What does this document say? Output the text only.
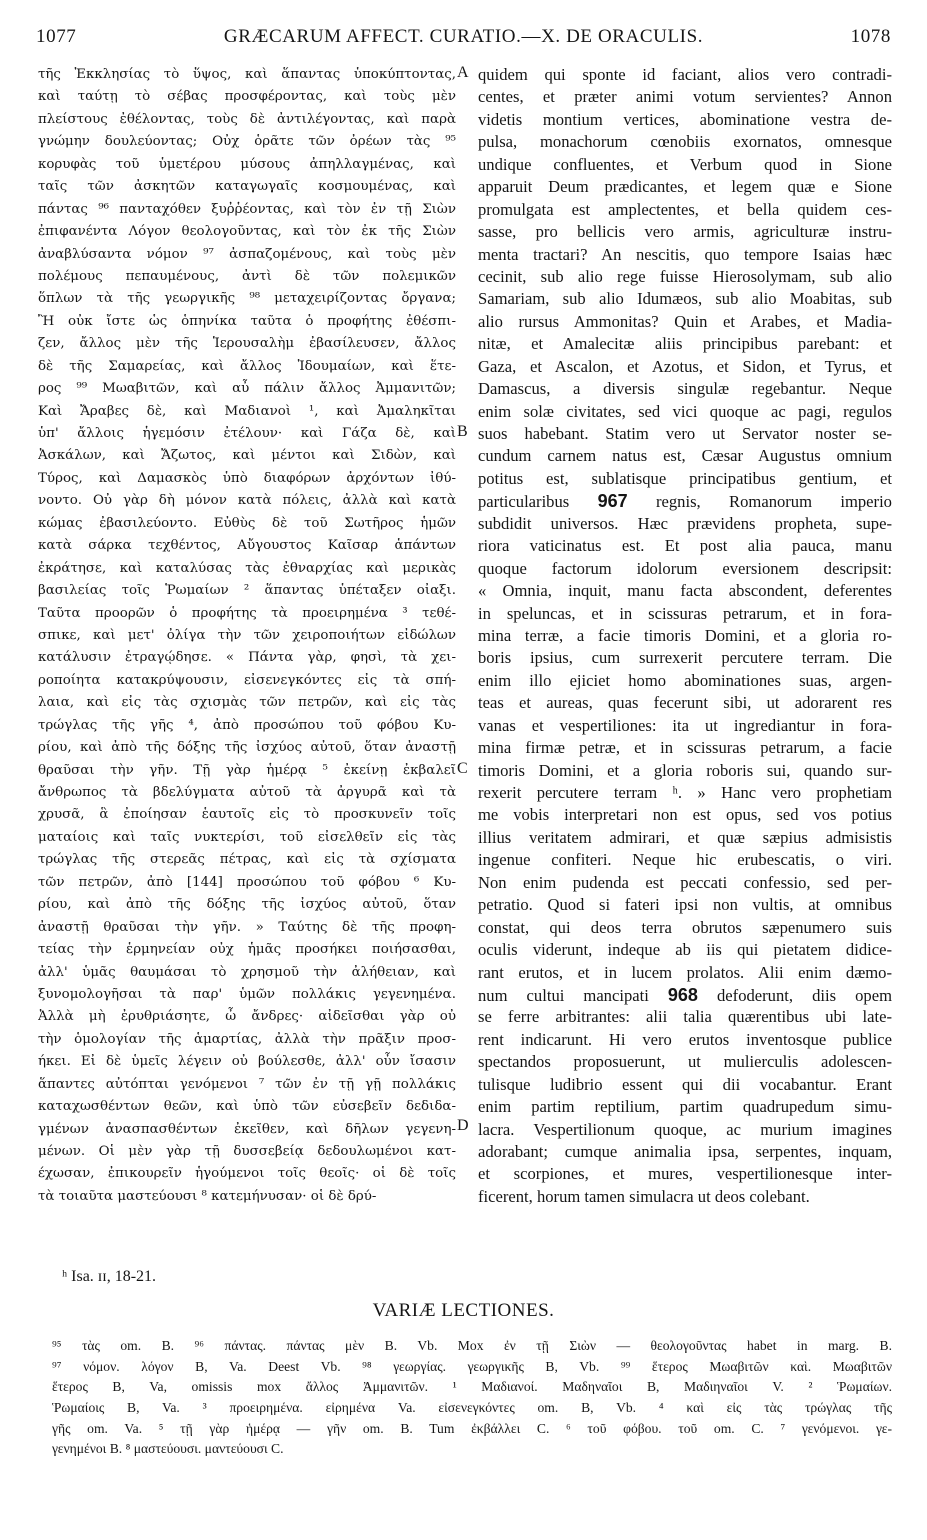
1077	GRÆCARUM AFFECT. CURATIO.—X. DE ORACULIS.	1078
τῆς Ἐκκλησίας τὸ ὕψος, καὶ ἅπαντας ὑποκύπτοντας,
καὶ ταύτῃ τὸ σέβας προσφέροντας, καὶ τοὺς μὲν
πλείστους ἐθέλοντας, τοὺς δὲ ἀντιλέγοντας, καὶ παρὰ
γνώμην δουλεύοντας; Οὐχ ὁρᾶτε τῶν ὀρέων τὰς ⁹⁵
κορυφὰς τοῦ ὑμετέρου μύσους ἀπηλλαγμένας, καὶ
ταῖς τῶν ἀσκητῶν καταγωγαῖς κοσμουμένας, καὶ
πάντας ⁹⁶ πανταχόθεν ξυῤῥέοντας, καὶ τὸν ἐν τῇ Σιὼν
ἐπιφανέντα Λόγον θεολογοῦντας, καὶ τὸν ἐκ τῆς Σιὼν
ἀναβλύσαντα νόμον ⁹⁷ ἀσπαζομένους, καὶ τοὺς μὲν
πολέμους πεπαυμένους, ἀντὶ δὲ τῶν πολεμικῶν
ὅπλων τὰ τῆς γεωργικῆς ⁹⁸ μεταχειρίζοντας ὄργανα;
Ἢ οὐκ ἴστε ὡς ὁπηνίκα ταῦτα ὁ προφήτης ἐθέσπι-
ζεν, ἄλλος μὲν τῆς Ἱερουσαλὴμ ἐβασίλευσεν, ἄλλος
δὲ τῆς Σαμαρείας, καὶ ἄλλος Ἰδουμαίων, καὶ ἕτε-
ρος ⁹⁹ Μωαβιτῶν, καὶ αὖ πάλιν ἄλλος Ἀμμανιτῶν;
Καὶ Ἄραβες δὲ, καὶ Μαδιανοὶ ¹, καὶ Ἀμαληκῖται
ὑπ' ἄλλοις ἡγεμόσιν ἐτέλουν· καὶ Γάζα δὲ, καὶ
Ἀσκάλων, καὶ Ἄζωτος, καὶ μέντοι καὶ Σιδὼν, καὶ
Τύρος, καὶ Δαμασκὸς ὑπὸ διαφόρων ἀρχόντων ἰθύ-
νοντο. Οὐ γὰρ δὴ μόνον κατὰ πόλεις, ἀλλὰ καὶ κατὰ
κώμας ἐβασιλεύοντο. Εὐθὺς δὲ τοῦ Σωτῆρος ἡμῶν
κατὰ σάρκα τεχθέντος, Αὔγουστος Καῖσαρ ἁπάντων
ἐκράτησε, καὶ καταλύσας τὰς ἐθναρχίας καὶ μερικὰς
βασιλείας τοῖς Ῥωμαίων ² ἅπαντας ὑπέταξεν οἰαξι.
Ταῦτα προορῶν ὁ προφήτης τὰ προειρημένα ³ τεθέ-
σπικε, καὶ μετ' ὀλίγα τὴν τῶν χειροποιήτων εἰδώλων
κατάλυσιν ἐτραγῴδησε. « Πάντα γὰρ, φησὶ, τὰ χει-
ροποίητα κατακρύψουσιν, εἰσενεγκόντες εἰς τὰ σπή-
λαια, καὶ εἰς τὰς σχισμὰς τῶν πετρῶν, καὶ εἰς τὰς
τρώγλας τῆς γῆς ⁴, ἀπὸ προσώπου τοῦ φόβου Κυ-
ρίου, καὶ ἀπὸ τῆς δόξης τῆς ἰσχύος αὐτοῦ, ὅταν ἀναστῇ
θραῦσαι τὴν γῆν. Τῇ γὰρ ἡμέρᾳ ⁵ ἐκείνῃ ἐκβαλεῖ
ἄνθρωπος τὰ βδελύγματα αὐτοῦ τὰ ἀργυρᾶ καὶ τὰ
χρυσᾶ, ἃ ἐποίησαν ἑαυτοῖς εἰς τὸ προσκυνεῖν τοῖς
ματαίοις καὶ ταῖς νυκτερίσι, τοῦ εἰσελθεῖν εἰς τὰς
τρώγλας τῆς στερεᾶς πέτρας, καὶ εἰς τὰ σχίσματα
τῶν πετρῶν, ἀπὸ [144] προσώπου τοῦ φόβου ⁶ Κυ-
ρίου, καὶ ἀπὸ τῆς δόξης τῆς ἰσχύος αὐτοῦ, ὅταν
ἀναστῇ θραῦσαι τὴν γῆν. » Ταύτης δὲ τῆς προφη-
τείας τὴν ἑρμηνείαν οὐχ ἡμᾶς προσήκει ποιήσασθαι,
ἀλλ' ὑμᾶς θαυμάσαι τὸ χρησμοῦ τὴν ἀλήθειαν, καὶ
ξυνομολογῆσαι τὰ παρ' ὑμῶν πολλάκις γεγενημένα.
Ἀλλὰ μὴ ἐρυθριάσητε, ὦ ἄνδρες· αἰδεῖσθαι γὰρ οὐ
τὴν ὁμολογίαν τῆς ἁμαρτίας, ἀλλὰ τὴν πρᾶξιν προσ-
ήκει. Εἰ δὲ ὑμεῖς λέγειν οὐ βούλεσθε, ἀλλ' οὖν ἴσασιν
ἅπαντες αὐτόπται γενόμενοι ⁷ τῶν ἐν τῇ γῇ πολλάκις
καταχωσθέντων θεῶν, καὶ ὑπὸ τῶν εὐσεβεῖν δεδιδα-
γμένων ἀνασπασθέντων ἐκεῖθεν, καὶ δῆλων γεγενη-
μένων. Οἱ μὲν γὰρ τῇ δυσσεβείᾳ δεδουλωμένοι κατ-
έχωσαν, ἐπικουρεῖν ἡγούμενοι τοῖς θεοῖς· οἱ δὲ τοῖς
τὰ τοιαῦτα μαστεύουσι ⁸ κατεμήνυσαν· οἱ δὲ δρύ-
quidem qui sponte id faciant, alios vero contradi-
centes, et præter animi votum servientes? Annon
videtis montium vertices, abominatione vestra de-
pulsa, monachorum cœnobiis exornatos, omnesque
undique confluentes, et Verbum quod in Sione
apparuit Deum prædicantes, et legem quæ e Sione
promulgata est amplectentes, et bella quidem ces-
sasse, pro bellicis vero armis, agriculturæ instru-
menta tractari? An nescitis, quo tempore Isaias hæc
cecinit, sub alio rege fuisse Hierosolymam, sub alio
Samariam, sub alio Idumæos, sub alio Moabitas, sub
alio rursus Ammonitas? Quin et Arabes, et Madia-
nitæ, et Amalecitæ aliis principibus parebant: et
Gaza, et Ascalon, et Azotus, et Sidon, et Tyrus, et
Damascus, a diversis singulæ regebantur. Neque
enim solæ civitates, sed vici quoque ac pagi, regulos
suos habebant. Statim vero ut Servator noster se-
cundum carnem natus est, Cæsar Augustus omnium
potitus est, sublatisque principatibus gentium, et
particularibus 967 regnis, Romanorum imperio
subdidit universos. Hæc prævidens propheta, supe-
riora vaticinatus est. Et post alia pauca, manu
quoque factorum idolorum eversionem descripsit:
« Omnia, inquit, manu facta abscondent, deferentes
in speluncas, et in scissuras petrarum, et in fora-
mina terræ, a facie timoris Domini, et a gloria ro-
boris ipsius, cum surrexerit percutere terram. Die
enim illo ejiciet homo abominationes suas, argen-
teas et aureas, quas fecerunt sibi, ut adorarent res
vanas et vespertiliones: ita ut ingrediantur in fora-
mina firmæ petræ, et in scissuras petrarum, a facie
timoris Domini, et a gloria roboris sui, quando sur-
rexerit percutere terram ʰ. » Hanc vero prophetiam
me vobis interpretari non est opus, sed vos potius
illius veritatem admirari, et quæ sæpius admisistis
ingenue confiteri. Neque hic erubescatis, o viri.
Non enim pudenda est peccati confessio, sed per-
petratio. Quod si fateri ipsi non vultis, at omnibus
constat, qui deos terra obrutos sæpenumero suis
oculis viderunt, indeque ab iis qui pietatem didice-
rant erutos, et in lucem prolatos. Alii enim dæmo-
num cultui mancipati 968 defoderunt, diis opem
se ferre arbitrantes: alii talia quærentibus ubi late-
rent indicarunt. Hi vero erutos inventosque publice
spectandos proposuerunt, ut mulierculis adolescen-
tulisque ludibrio essent qui dii vocabantur. Erant
enim partim reptilium, partim quadrupedum simu-
lacra. Vespertilionum quoque, ac murium imagines
adorabant; cumque animalia ipsa, serpentes, inquam,
et scorpiones, et mures, vespertilionesque inter-
ficerent, horum tamen simulacra ut deos colebant.
A
B
C
D
ʰ Isa. ɪɪ, 18-21.
VARIÆ LECTIONES.
⁹⁵ τὰς om. B. ⁹⁶ πάντας. πάντας μὲν B. Vb. Mox ἐν τῇ Σιὼν — θεολογοῦντας habet in marg. B.
⁹⁷ νόμον. λόγον B, Va. Deest Vb. ⁹⁸ γεωργίας. γεωργικῆς B, Vb. ⁹⁹ ἕτερος Μωαβιτῶν καὶ. Μωαβιτῶν
ἕτερος B, Va, omissis mox ἄλλος Ἀμμανιτῶν. ¹ Μαδιανοί. Μαδηναῖοι B, Μαδιηναῖοι V. ² Ῥωμαίων.
Ῥωμαίοις B, Va. ³ προειρημένα. εἰρημένα Va. εἰσενεγκόντες om. B, Vb. ⁴ καὶ εἰς τὰς τρώγλας τῆς
γῆς om. Va. ⁵ τῇ γὰρ ἡμέρᾳ — γῆν om. B. Tum ἐκβάλλει C. ⁶ τοῦ φόβου. τοῦ om. C. ⁷ γενόμενοι. γε-
γενημένοι B. ⁸ μαστεύουσι. μαντεύουσι C.
